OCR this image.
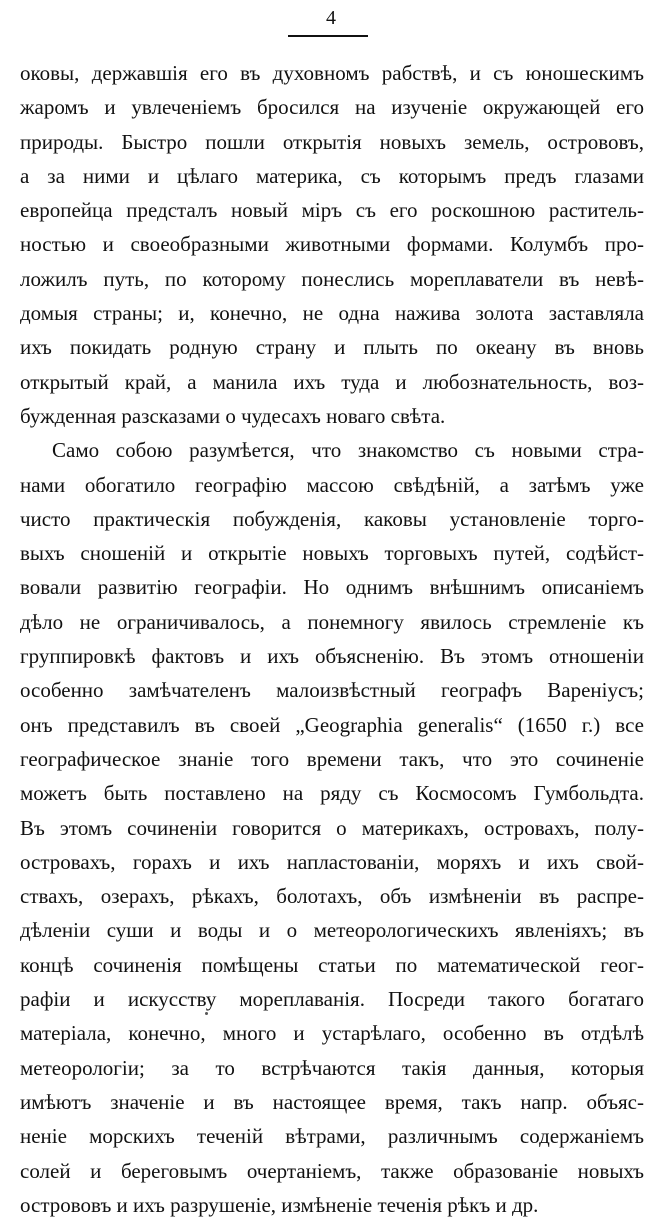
4
оковы, державшія его въ духовномъ рабствѣ, и съ юношескимъ
жаромъ и увлеченіемъ бросился на изученіе окружающей его
природы. Быстро пошли открытія новыхъ земель, острововъ,
а за ними и цѣлаго материка, съ которымъ предъ глазами
европейца предсталъ новый міръ съ его роскошною раститель-
ностью и своеобразными животными формами. Колумбъ про-
ложилъ путь, по которому понеслись мореплаватели въ невѣ-
домыя страны; и, конечно, не одна нажива золота заставляла
ихъ покидать родную страну и плыть по океану въ вновь
открытый край, а манила ихъ туда и любознательность, воз-
бужденная разсказами о чудесахъ новаго свѣта.
Само собою разумѣется, что знакомство съ новыми стра-
нами обогатило географію массою свѣдѣній, а затѣмъ уже
чисто практическія побужденія, каковы установленіе торго-
выхъ сношеній и открытіе новыхъ торговыхъ путей, содѣйст-
вовали развитію географіи. Но однимъ внѣшнимъ описаніемъ
дѣло не ограничивалось, а понемногу явилось стремленіе къ
группировкѣ фактовъ и ихъ объясненію. Въ этомъ отношеніи
особенно замѣчателенъ малоизвѣстный географъ Варенiусъ;
онъ представилъ въ своей „Geographia generalis“ (1650 г.) все
географическое знаніе того времени такъ, что это сочиненіе
можетъ быть поставлено на ряду съ Космосомъ Гумбольдта.
Въ этомъ сочиненіи говорится о материкахъ, островахъ, полу-
островахъ, горахъ и ихъ напластованіи, моряхъ и ихъ свой-
ствахъ, озерахъ, рѣкахъ, болотахъ, объ измѣненіи въ распре-
дѣленіи суши и воды и о метеорологическихъ явленіяхъ; въ
концѣ сочиненія помѣщены статьи по математической геог-
рафіи и искусству мореплаванія. Посреди такого богатаго
матеріала, конечно, много и устарѣлаго, особенно въ отдѣлѣ
метеорологіи; за то встрѣчаются такія данныя, которыя
имѣютъ значеніе и въ настоящее время, такъ напр. объяс-
неніе морскихъ теченій вѣтрами, различнымъ содержаніемъ
солей и береговымъ очертаніемъ, также образованіе новыхъ
острововъ и ихъ разрушеніе, измѣненіе теченія рѣкъ и др.
